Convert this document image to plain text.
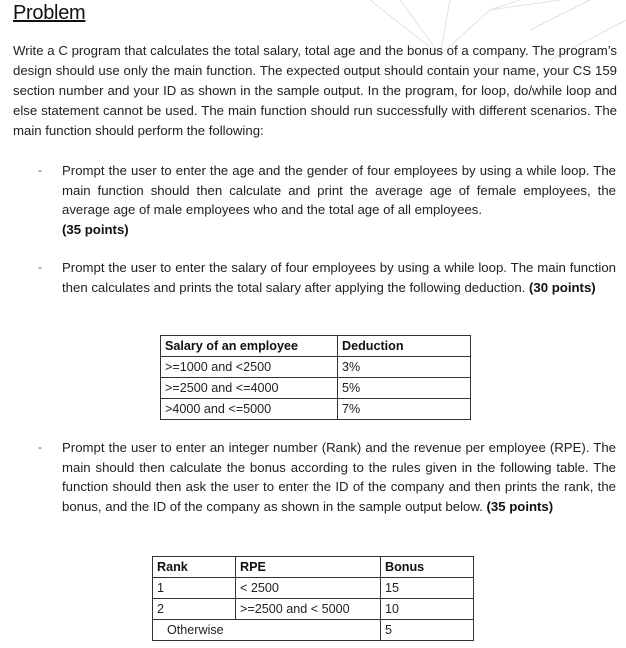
Problem

Write a C program that calculates the total salary, total age and the bonus of a company. The program’s design should use only the main function. The expected output should contain your name, your CS 159 section number and your ID as shown in the sample output. In the program, for loop, do/while loop and else statement cannot be used. The main function should run successfully with different scenarios. The main function should perform the following:

- Prompt the user to enter the age and the gender of four employees by using a while loop. The main function should then calculate and print the average age of female employees, the average age of male employees who and the total age of all employees.
(35 points)

- Prompt the user to enter the salary of four employees by using a while loop. The main function then calculates and prints the total salary after applying the following deduction. (30 points)

Salary of an employee	Deduction
>=1000 and <2500	3%
>=2500 and <=4000	5%
>4000 and <=5000	7%
- Prompt the user to enter an integer number (Rank) and the revenue per employee (RPE). The main should then calculate the bonus according to the rules given in the following table. The function should then ask the user to enter the ID of the company and then prints the rank, the bonus, and the ID of the company as shown in the sample output below. (35 points)

Rank	RPE	Bonus
1	< 2500	15
2	>=2500 and < 5000	10
Otherwise		5
